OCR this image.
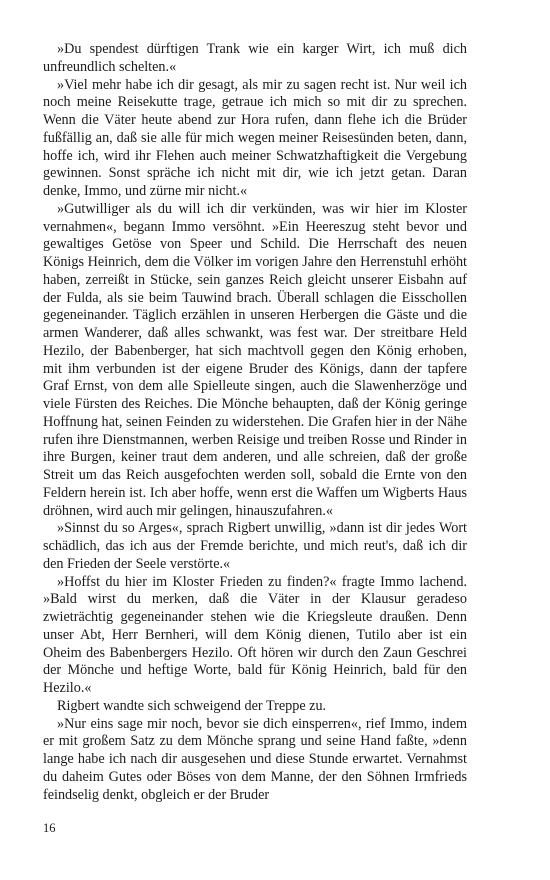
»Du spendest dürftigen Trank wie ein karger Wirt, ich muß dich unfreundlich schelten.«

»Viel mehr habe ich dir gesagt, als mir zu sagen recht ist. Nur weil ich noch meine Reisekutte trage, getraue ich mich so mit dir zu sprechen. Wenn die Väter heute abend zur Hora rufen, dann flehe ich die Brüder fußfällig an, daß sie alle für mich wegen meiner Reisesünden beten, dann, hoffe ich, wird ihr Flehen auch meiner Schwatzhaftigkeit die Vergebung gewinnen. Sonst spräche ich nicht mit dir, wie ich jetzt getan. Daran denke, Immo, und zürne mir nicht.«

»Gutwilliger als du will ich dir verkünden, was wir hier im Kloster vernahmen«, begann Immo versöhnt. »Ein Heereszug steht bevor und gewaltiges Getöse von Speer und Schild. Die Herrschaft des neuen Königs Heinrich, dem die Völker im vorigen Jahre den Herrenstuhl erhöht haben, zerreißt in Stücke, sein ganzes Reich gleicht unserer Eisbahn auf der Fulda, als sie beim Tauwind brach. Überall schlagen die Eisschollen gegeneinander. Täglich erzählen in unseren Herbergen die Gäste und die armen Wanderer, daß alles schwankt, was fest war. Der streitbare Held Hezilo, der Babenberger, hat sich machtvoll gegen den König erhoben, mit ihm verbunden ist der eigene Bruder des Königs, dann der tapfere Graf Ernst, von dem alle Spielleute singen, auch die Slawenherzöge und viele Fürsten des Reiches. Die Mönche behaupten, daß der König geringe Hoffnung hat, seinen Feinden zu widerstehen. Die Grafen hier in der Nähe rufen ihre Dienstmannen, werben Reisige und treiben Rosse und Rinder in ihre Burgen, keiner traut dem anderen, und alle schreien, daß der große Streit um das Reich ausgefochten werden soll, sobald die Ernte von den Feldern herein ist. Ich aber hoffe, wenn erst die Waffen um Wigberts Haus dröhnen, wird auch mir gelingen, hinauszufahren.«

»Sinnst du so Arges«, sprach Rigbert unwillig, »dann ist dir jedes Wort schädlich, das ich aus der Fremde berichte, und mich reut's, daß ich dir den Frieden der Seele verstörte.«

»Hoffst du hier im Kloster Frieden zu finden?« fragte Immo lachend. »Bald wirst du merken, daß die Väter in der Klausur geradeso zwieträchtig gegeneinander stehen wie die Kriegsleute draußen. Denn unser Abt, Herr Bernheri, will dem König dienen, Tutilo aber ist ein Oheim des Babenbergers Hezilo. Oft hören wir durch den Zaun Geschrei der Mönche und heftige Worte, bald für König Heinrich, bald für den Hezilo.«

Rigbert wandte sich schweigend der Treppe zu.

»Nur eins sage mir noch, bevor sie dich einsperren«, rief Immo, indem er mit großem Satz zu dem Mönche sprang und seine Hand faßte, »denn lange habe ich nach dir ausgesehen und diese Stunde erwartet. Vernahmst du daheim Gutes oder Böses von dem Manne, der den Söhnen Irmfrieds feindselig denkt, obgleich er der Bruder

16
